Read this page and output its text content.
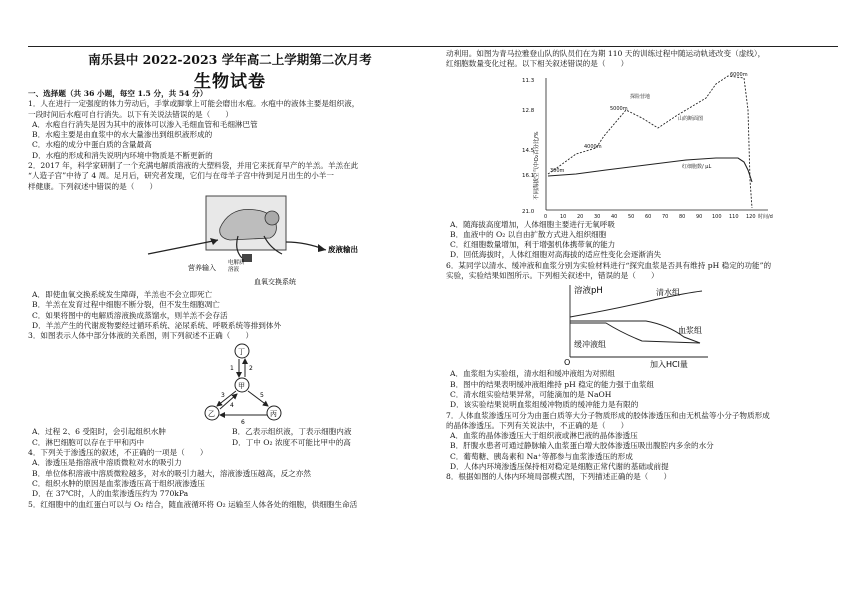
南乐县中 2022-2023 学年高二上学期第二次月考
生物试卷

一、选择题（共 36 小题，每空 1.5 分，共 54 分）

1．人在进行一定强度的体力劳动后，手掌或脚掌上可能会磨出水疱。水疱中的液体主要是组织液，

一段时间后水疱可自行消失。以下有关说法错误的是（　　）

A．水疱自行消失是因为其中的液体可以渗入毛细血管和毛细淋巴管

B．水疱主要是由血浆中的水大量渗出到组织液形成的

C．水疱的成分中蛋白质的含量最高

D．水疱的形成和消失说明内环境中物质是不断更新的

2．2017 年，科学家研制了一个充满电解质溶液的大塑料袋，并用它来抚育早产的羊羔。羊羔在此

“人造子宫”中待了 4 周。足月后，研究者发现，它们与在母羊子宫中待到足月出生的小羊一

样健康。下列叙述中错误的是（　　）

营养输入
废液输出
电解质
溶液
血氧交换系统

A．即使血氧交换系统发生障碍，羊羔也不会立即死亡

B．羊羔在发育过程中细胞不断分裂，但不发生细胞凋亡

C．如果将图中的电解质溶液换成蒸馏水，则羊羔不会存活

D．羊羔产生的代谢废物要经过循环系统、泌尿系统、呼吸系统等排到体外

3．如图表示人体中部分体液的关系图，则下列叙述不正确（　　）

丁
甲
乙	丙
1	2
3
4
5
6
A．过程 2、6 受阻时，会引起组织水肿	B．乙表示组织液，丁表示细胞内液
C．淋巴细胞可以存在于甲和丙中	D．丁中 O₂ 浓度不可能比甲中的高

4．下列关于渗透压的叙述，不正确的一项是（　　）

A．渗透压是指溶液中溶质微粒对水的吸引力

B．单位体积溶液中溶质微粒越多，对水的吸引力越大，溶液渗透压越高，反之亦然

C．组织水肿的原因是血浆渗透压高于组织液渗透压

D．在 37℃时，人的血浆渗透压约为 770kPa

5．红细胞中的血红蛋白可以与 O₂ 结合，随血液循环将 O₂ 运输至人体各处的细胞，供细胞生命活

动利用。如图为青马拉雅登山队的队员们在为期 110 天的训练过程中随运动轨迹改变（虚线），

红细胞数量变化过程。以下相关叙述错误的是（　　）

11.3
12.8
14.5
16.1
21.0
不同海拔空气中O₂百分比/%
0	10 20 30 40 50 60 70 80 90 100 110 120 时间/d
6000m
5000m
4000m
300m
探险营地
山的断面图
红细胞数/ μL

A．随海拔高度增加，人体细胞主要进行无氧呼吸

B．血液中的 O₂ 以自由扩散方式进入组织细胞

C．红细胞数量增加，利于增强机体携带氧的能力

D．回低海拔时，人体红细胞对高海拔的适应性变化会逐渐消失

6．某同学以清水、缓冲液和血浆分别为实验材料进行“探究血浆是否具有维持 pH 稳定的功能”的

实验，实验结果如图所示。下列相关叙述中，错误的是（　　）

溶液pH	清水组
血浆组
缓冲液组
O	加入HCl量

A．血浆组为实验组，清水组和缓冲液组为对照组

B．图中的结果表明缓冲液组维持 pH 稳定的能力强于血浆组

C．清水组实验结果异常，可能滴加的是 NaOH

D．该实验结果说明血浆组缓冲物质的缓冲能力是有限的

7．人体血浆渗透压可分为由蛋白质等大分子物质形成的胶体渗透压和由无机盐等小分子物质形成

的晶体渗透压。下列有关说法中，不正确的是（　　）

A．血浆的晶体渗透压大于组织液或淋巴液的晶体渗透压

B．肝腹水患者可通过静脉输入血浆蛋白增大胶体渗透压吸出腹腔内多余的水分

C．葡萄糖、胰岛素和 Na⁺等都参与血浆渗透压的形成

D．人体内环境渗透压保持相对稳定是细胞正常代谢的基础或前提

8．根据如图的人体内环境局部模式图，下列描述正确的是（　　）
